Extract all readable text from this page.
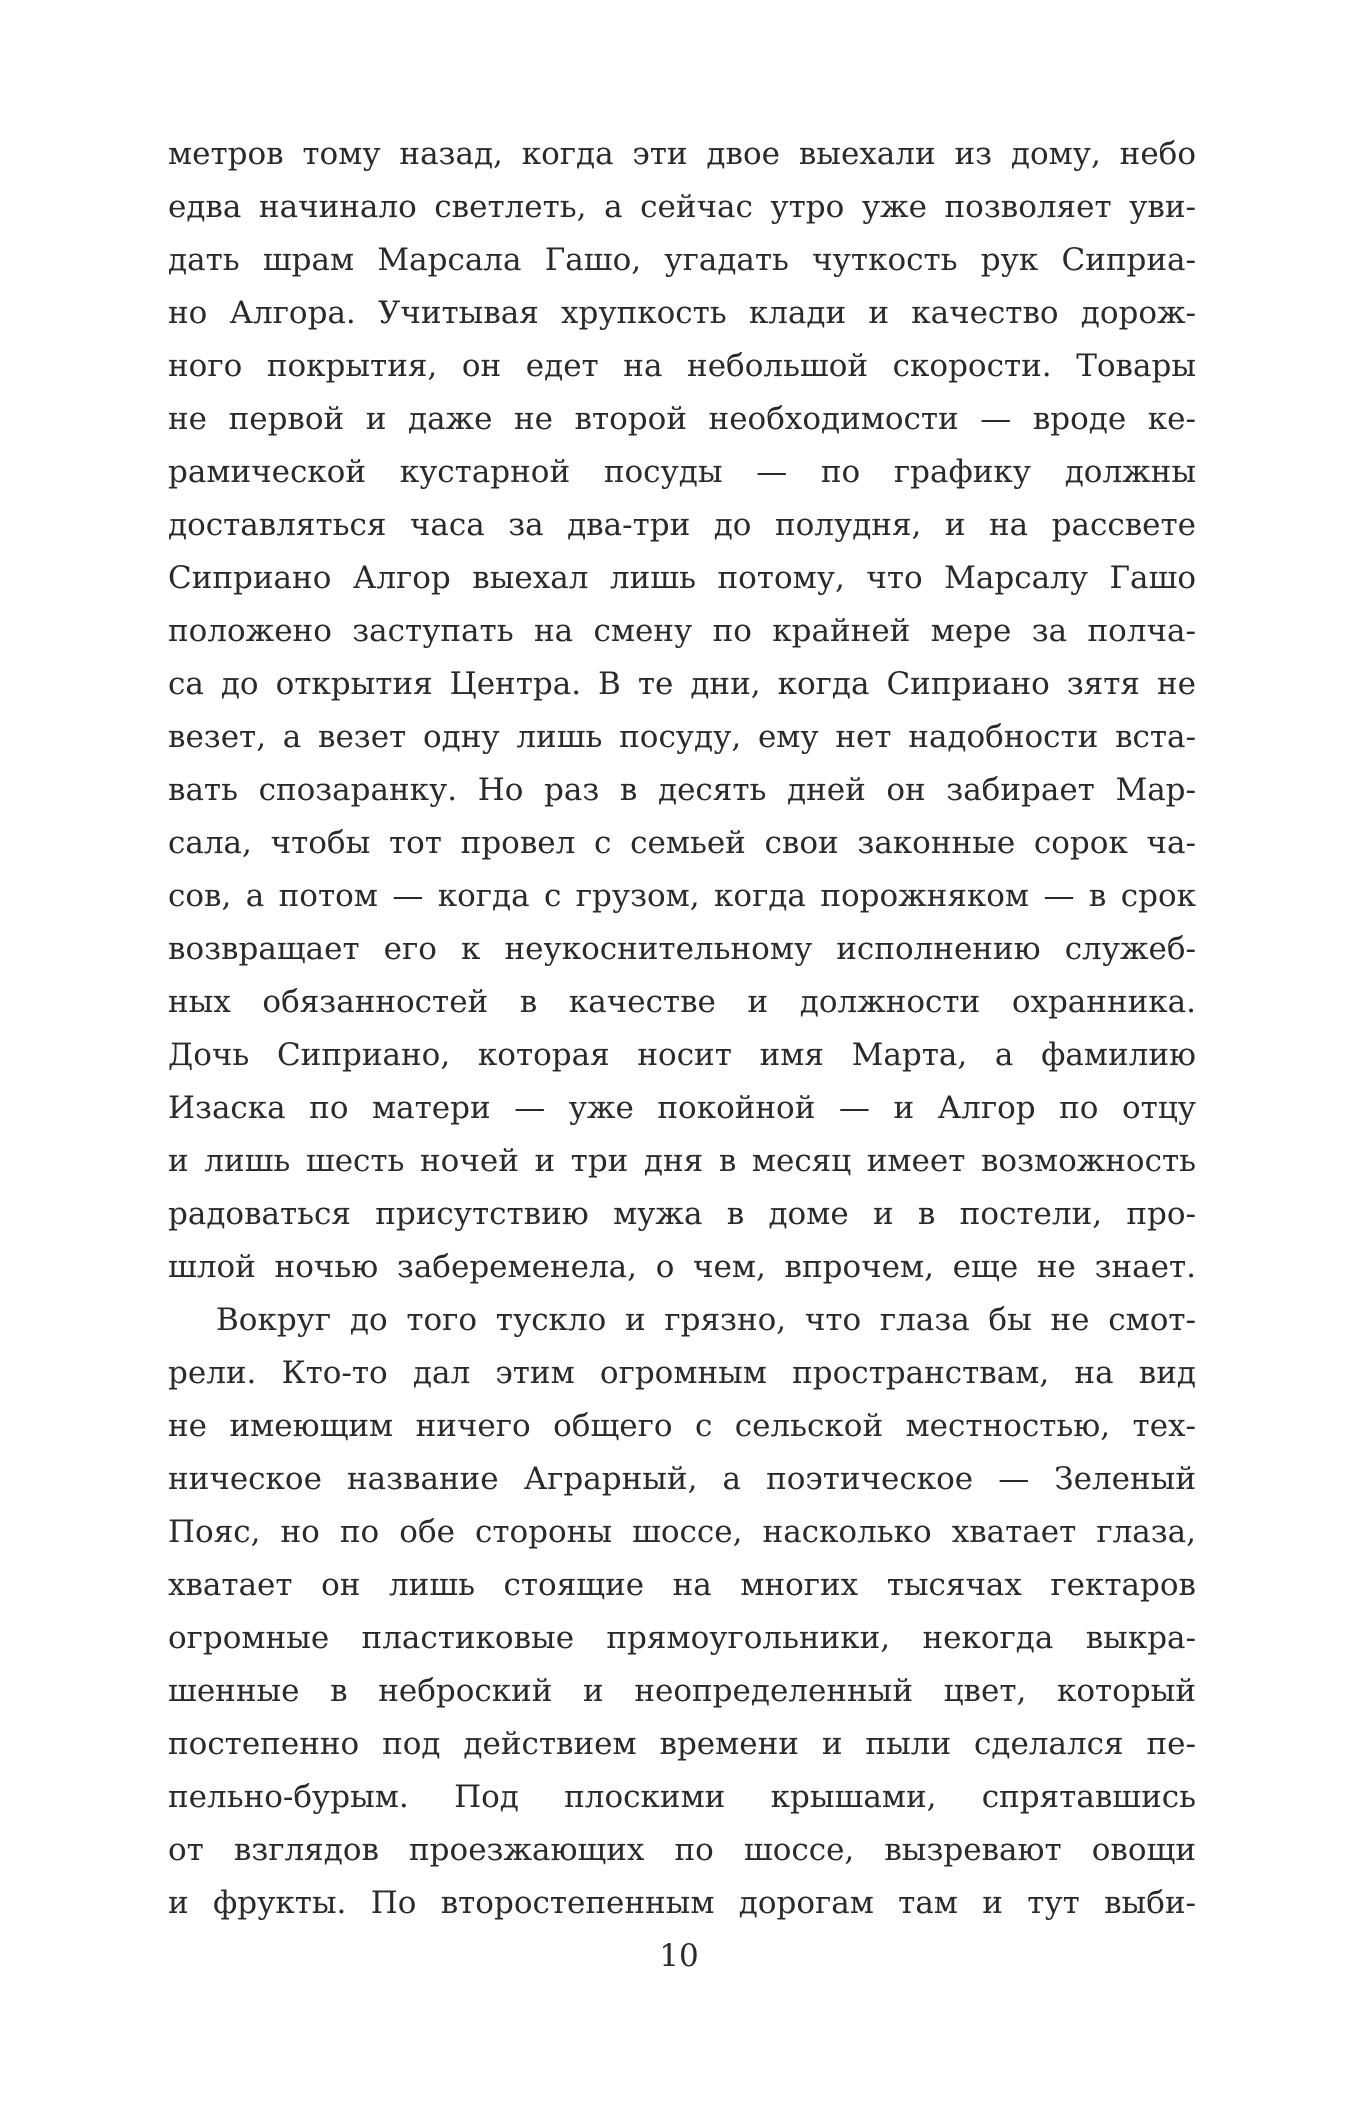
метров тому назад, когда эти двое выехали из дому, небо
едва начинало светлеть, а сейчас утро уже позволяет уви-
дать шрам Марсала Гашо, угадать чуткость рук Сиприа-
но Алгора. Учитывая хрупкость клади и качество дорож-
ного покрытия, он едет на небольшой скорости. Товары
не первой и даже не второй необходимости — вроде ке-
рамической кустарной посуды — по графику должны
доставляться часа за два-три до полудня, и на рассвете
Сиприано Алгор выехал лишь потому, что Марсалу Гашо
положено заступать на смену по крайней мере за полча-
са до открытия Центра. В те дни, когда Сиприано зятя не
везет, а везет одну лишь посуду, ему нет надобности вста-
вать спозаранку. Но раз в десять дней он забирает Мар-
сала, чтобы тот провел с семьей свои законные сорок ча-
сов, а потом — когда с грузом, когда порожняком — в срок
возвращает его к неукоснительному исполнению служеб-
ных обязанностей в качестве и должности охранника.
Дочь Сиприано, которая носит имя Марта, а фамилию
Изаска по матери — уже покойной — и Алгор по отцу
и лишь шесть ночей и три дня в месяц имеет возможность
радоваться присутствию мужа в доме и в постели, про-
шлой ночью забеременела, о чем, впрочем, еще не знает.
Вокруг до того тускло и грязно, что глаза бы не смот-
рели. Кто-то дал этим огромным пространствам, на вид
не имеющим ничего общего с сельской местностью, тех-
ническое название Аграрный, а поэтическое — Зеленый
Пояс, но по обе стороны шоссе, насколько хватает глаза,
хватает он лишь стоящие на многих тысячах гектаров
огромные пластиковые прямоугольники, некогда выкра-
шенные в неброский и неопределенный цвет, который
постепенно под действием времени и пыли сделался пе-
пельно-бурым. Под плоскими крышами, спрятавшись
от взглядов проезжающих по шоссе, вызревают овощи
и фрукты. По второстепенным дорогам там и тут выби-
10
